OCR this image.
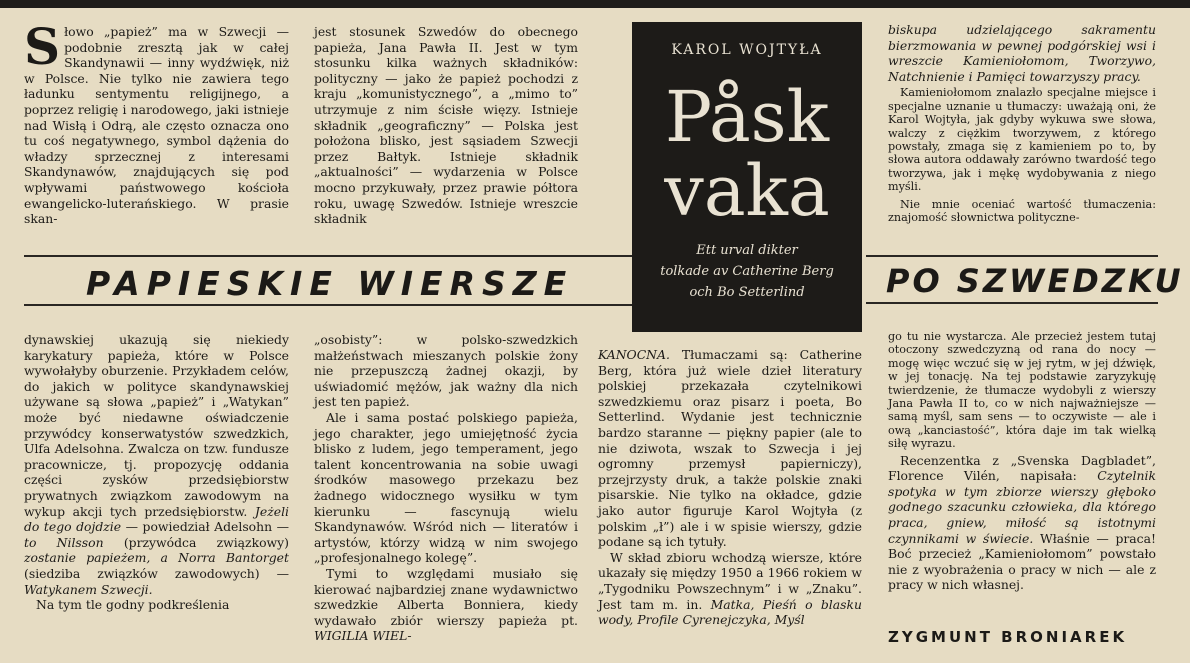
Słowo „papież” ma w Szwecji — podobnie zresztą jak w całej Skandynawii — inny wydźwięk, niż w Polsce. Nie tylko nie zawiera tego ładunku sentymentu religijnego, a poprzez religię i narodowego, jaki istnieje nad Wisłą i Odrą, ale często oznacza ono tu coś negatywnego, symbol dążenia do władzy sprzecznej z interesami Skandynawów, znajdujących się pod wpływami państwowego kościoła ewangelicko-luterańskiego. W prasie skan-

jest stosunek Szwedów do obecnego papieża, Jana Pawła II. Jest w tym stosunku kilka ważnych składników: polityczny — jako że papież pochodzi z kraju „komunistycznego”, a „mimo to” utrzymuje z nim ścisłe więzy. Istnieje składnik „geograficzny” — Polska jest położona blisko, jest sąsiadem Szwecji przez Bałtyk. Istnieje składnik „aktualności” — wydarzenia w Polsce mocno przykuwały, przez prawie półtora roku, uwagę Szwedów. Istnieje wreszcie składnik

KAROL WOJTYŁA
Påsk
vaka
Ett urval dikter
tolkade av Catherine Berg
och Bo Setterlind

biskupa udzielającego sakramentu bierzmowania w pewnej podgórskiej wsi i wreszcie Kamieniołomom, Tworzywo, Natchnienie i Pamięci towarzyszy pracy.

Kamieniołomom znalazło specjalne miejsce i specjalne uznanie u tłumaczy: uważają oni, że Karol Wojtyła, jak gdyby wykuwa swe słowa, walczy z ciężkim tworzywem, z którego powstały, zmaga się z kamieniem po to, by słowa autora oddawały zarówno twardość tego tworzywa, jak i mękę wydobywania z niego myśli.

Nie mnie oceniać wartość tłumaczenia: znajomość słownictwa polityczne-

PAPIESKIE WIERSZE	PO SZWEDZKU

dynawskiej ukazują się niekiedy karykatury papieża, które w Polsce wywołałyby oburzenie. Przykładem celów, do jakich w polityce skandynawskiej używane są słowa „papież” i „Watykan” może być niedawne oświadczenie przywódcy konserwatystów szwedzkich, Ulfa Adelsohna. Zwalcza on tzw. fundusze pracownicze, tj. propozycję oddania części zysków przedsiębiorstw prywatnych związkom zawodowym na wykup akcji tych przedsiębiorstw. Jeżeli do tego dojdzie — powiedział Adelsohn — to Nilsson (przywódca związkowy) zostanie papieżem, a Norra Bantorget (siedziba związków zawodowych) — Watykanem Szwecji.

Na tym tle godny podkreślenia

„osobisty”: w polsko-szwedzkich małżeństwach mieszanych polskie żony nie przepuszczą żadnej okazji, by uświadomić mężów, jak ważny dla nich jest ten papież.

Ale i sama postać polskiego papieża, jego charakter, jego umiejętność życia blisko z ludem, jego temperament, jego talent koncentrowania na sobie uwagi środków masowego przekazu bez żadnego widocznego wysiłku w tym kierunku — fascynują wielu Skandynawów. Wśród nich — literatów i artystów, którzy widzą w nim swojego „profesjonalnego kolegę”.

Tymi to względami musiało się kierować najbardziej znane wydawnictwo szwedzkie Alberta Bonniera, kiedy wydawało zbiór wierszy papieża pt. WIGILIA WIEL-

KANOCNA. Tłumaczami są: Catherine Berg, która już wiele dzieł literatury polskiej przekazała czytelnikowi szwedzkiemu oraz pisarz i poeta, Bo Setterlind. Wydanie jest technicznie bardzo staranne — piękny papier (ale to nie dziwota, wszak to Szwecja i jej ogromny przemysł papierniczy), przejrzysty druk, a także polskie znaki pisarskie. Nie tylko na okładce, gdzie jako autor figuruje Karol Wojtyła (z polskim „ł”) ale i w spisie wierszy, gdzie podane są ich tytuły.

W skład zbioru wchodzą wiersze, które ukazały się między 1950 a 1966 rokiem w „Tygodniku Powszechnym” i w „Znaku”. Jest tam m. in. Matka, Pieśń o blasku wody, Profile Cyrenejczyka, Myśl

go tu nie wystarcza. Ale przecież jestem tutaj otoczony szwedczyzną od rana do nocy — mogę więc wczuć się w jej rytm, w jej dźwięk, w jej tonację. Na tej podstawie zaryzykuję twierdzenie, że tłumacze wydobyli z wierszy Jana Pawła II to, co w nich najważniejsze — samą myśl, sam sens — to oczywiste — ale i ową „kanciastość”, która daje im tak wielką siłę wyrazu.

Recenzentka z „Svenska Dagbladet”, Florence Vilén, napisała: Czytelnik spotyka w tym zbiorze wierszy głęboko godnego szacunku człowieka, dla którego praca, gniew, miłość są istotnymi czynnikami w świecie. Właśnie — praca! Boć przecież „Kamieniołomom” powstało nie z wyobrażenia o pracy w nich — ale z pracy w nich własnej.

ZYGMUNT BRONIAREK
